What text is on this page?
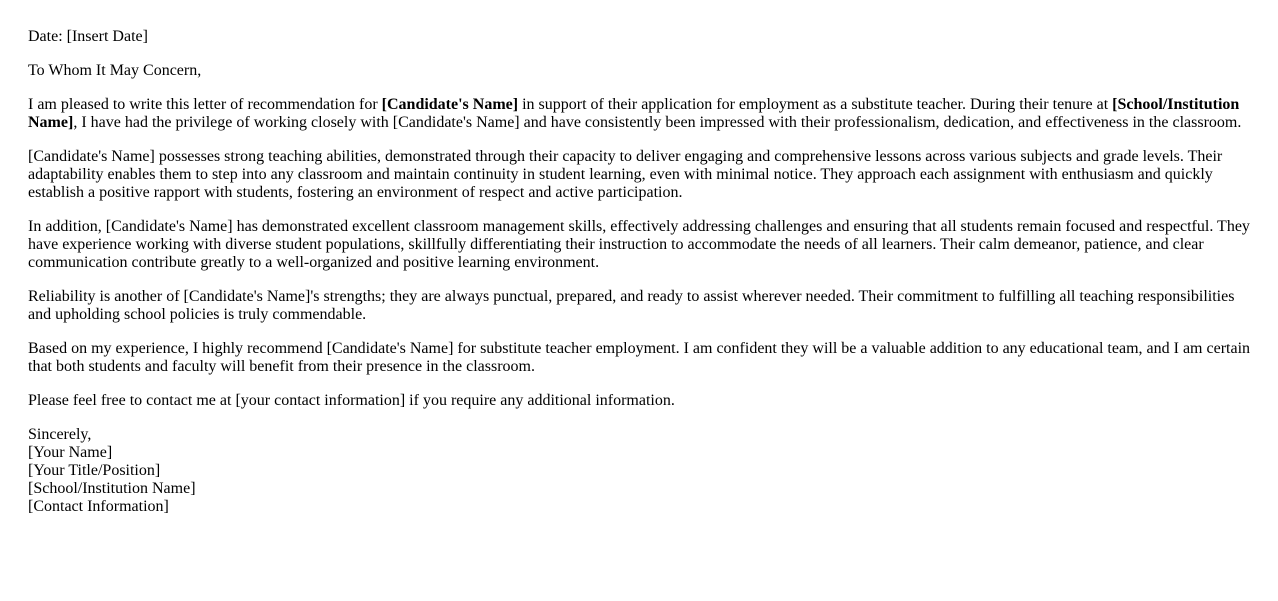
Date: [Insert Date]

To Whom It May Concern,

I am pleased to write this letter of recommendation for [Candidate's Name] in support of their application for employment as a substitute teacher. During their tenure at [School/Institution Name], I have had the privilege of working closely with [Candidate's Name] and have consistently been impressed with their professionalism, dedication, and effectiveness in the classroom.

[Candidate's Name] possesses strong teaching abilities, demonstrated through their capacity to deliver engaging and comprehensive lessons across various subjects and grade levels. Their adaptability enables them to step into any classroom and maintain continuity in student learning, even with minimal notice. They approach each assignment with enthusiasm and quickly establish a positive rapport with students, fostering an environment of respect and active participation.

In addition, [Candidate's Name] has demonstrated excellent classroom management skills, effectively addressing challenges and ensuring that all students remain focused and respectful. They have experience working with diverse student populations, skillfully differentiating their instruction to accommodate the needs of all learners. Their calm demeanor, patience, and clear communication contribute greatly to a well-organized and positive learning environment.

Reliability is another of [Candidate's Name]'s strengths; they are always punctual, prepared, and ready to assist wherever needed. Their commitment to fulfilling all teaching responsibilities and upholding school policies is truly commendable.

Based on my experience, I highly recommend [Candidate's Name] for substitute teacher employment. I am confident they will be a valuable addition to any educational team, and I am certain that both students and faculty will benefit from their presence in the classroom.

Please feel free to contact me at [your contact information] if you require any additional information.

Sincerely,
[Your Name]
[Your Title/Position]
[School/Institution Name]
[Contact Information]
